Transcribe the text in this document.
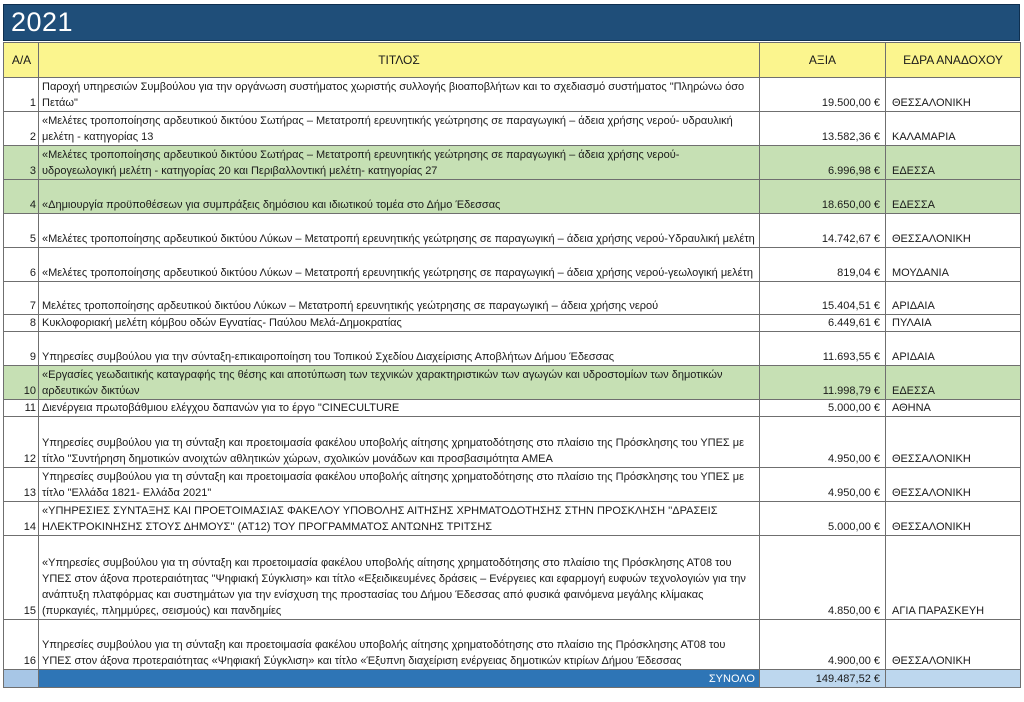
2021
Α/Α	ΤΙΤΛΟΣ	ΑΞΙΑ	ΕΔΡΑ ΑΝΑΔΟΧΟΥ
1	Παροχή υπηρεσιών Συμβούλου για την οργάνωση συστήματος χωριστής συλλογής βιοαποβλήτων και το σχεδιασμό συστήματος "Πληρώνω όσο Πετάω"	19.500,00 €	ΘΕΣΣΑΛΟΝΙΚΗ
2	«Μελέτες τροποποίησης αρδευτικού δικτύου Σωτήρας – Μετατροπή ερευνητικής γεώτρησης σε παραγωγική – άδεια χρήσης νερού- υδραυλική μελέτη - κατηγορίας 13	13.582,36 €	ΚΑΛΑΜΑΡΙΑ
3	«Μελέτες τροποποίησης αρδευτικού δικτύου Σωτήρας – Μετατροπή ερευνητικής γεώτρησης σε παραγωγική – άδεια χρήσης νερού- υδρογεωλογική μελέτη - κατηγορίας 20 και Περιβαλλοντική μελέτη- κατηγορίας 27	6.996,98 €	ΕΔΕΣΣΑ
4	«Δημιουργία προϋποθέσεων για συμπράξεις δημόσιου και ιδιωτικού τομέα στο Δήμο Έδεσσας	18.650,00 €	ΕΔΕΣΣΑ
5	«Μελέτες τροποποίησης αρδευτικού δικτύου Λύκων – Μετατροπή ερευνητικής γεώτρησης σε παραγωγική – άδεια χρήσης νερού-Υδραυλική μελέτη	14.742,67 €	ΘΕΣΣΑΛΟΝΙΚΗ
6	«Μελέτες τροποποίησης αρδευτικού δικτύου Λύκων – Μετατροπή ερευνητικής γεώτρησης σε παραγωγική – άδεια χρήσης νερού-γεωλογική μελέτη	819,04 €	ΜΟΥΔΑΝΙΑ
7	Μελέτες τροποποίησης αρδευτικού δικτύου Λύκων – Μετατροπή ερευνητικής γεώτρησης σε παραγωγική – άδεια χρήσης νερού	15.404,51 €	ΑΡΙΔΑΙΑ
8	Κυκλοφοριακή μελέτη κόμβου οδών Εγνατίας- Παύλου Μελά-Δημοκρατίας	6.449,61 €	ΠΥΛΑΙΑ
9	Υπηρεσίες συμβούλου για την σύνταξη-επικαιροποίηση του Τοπικού Σχεδίου Διαχείρισης Αποβλήτων Δήμου Έδεσσας	11.693,55 €	ΑΡΙΔΑΙΑ
10	«Εργασίες γεωδαιτικής καταγραφής της θέσης και αποτύπωση των τεχνικών χαρακτηριστικών των αγωγών και υδροστομίων των δημοτικών αρδευτικών δικτύων	11.998,79 €	ΕΔΕΣΣΑ
11	Διενέργεια πρωτοβάθμιου ελέγχου δαπανών για το έργο "CINECULTURE	5.000,00 €	ΑΘΗΝΑ
12	Υπηρεσίες συμβούλου για τη σύνταξη και προετοιμασία φακέλου υποβολής αίτησης χρηματοδότησης στο πλαίσιο της Πρόσκλησης του ΥΠΕΣ με τίτλο "Συντήρηση δημοτικών ανοιχτών αθλητικών χώρων, σχολικών μονάδων και προσβασιμότητα ΑΜΕΑ	4.950,00 €	ΘΕΣΣΑΛΟΝΙΚΗ
13	Υπηρεσίες συμβούλου για τη σύνταξη και προετοιμασία φακέλου υποβολής αίτησης χρηματοδότησης στο πλαίσιο της Πρόσκλησης του ΥΠΕΣ με τίτλο "Ελλάδα 1821- Ελλάδα 2021"	4.950,00 €	ΘΕΣΣΑΛΟΝΙΚΗ
14	«ΥΠΗΡΕΣΙΕΣ ΣΥΝΤΑΞΗΣ ΚΑΙ ΠΡΟΕΤΟΙΜΑΣΙΑΣ ΦΑΚΕΛΟΥ ΥΠΟΒΟΛΗΣ ΑΙΤΗΣΗΣ ΧΡΗΜΑΤΟΔΟΤΗΣΗΣ ΣΤΗΝ ΠΡΟΣΚΛΗΣΗ ''ΔΡΑΣΕΙΣ ΗΛΕΚΤΡΟΚΙΝΗΣΗΣ ΣΤΟΥΣ ΔΗΜΟΥΣ'' (ΑΤ12) ΤΟΥ ΠΡΟΓΡΑΜΜΑΤΟΣ ΑΝΤΩΝΗΣ ΤΡΙΤΣΗΣ	5.000,00 €	ΘΕΣΣΑΛΟΝΙΚΗ
15	«Υπηρεσίες συμβούλου για τη σύνταξη και προετοιμασία φακέλου υποβολής αίτησης χρηματοδότησης στο πλαίσιο της Πρόσκλησης ΑΤ08 του ΥΠΕΣ στον άξονα προτεραιότητας "Ψηφιακή Σύγκλιση» και τίτλο «Εξειδικευμένες δράσεις – Ενέργειες και εφαρμογή ευφυών τεχνολογιών για την ανάπτυξη πλατφόρμας και συστημάτων για την ενίσχυση της προστασίας του Δήμου Έδεσσας από φυσικά φαινόμενα μεγάλης κλίμακας (πυρκαγιές, πλημμύρες, σεισμούς) και πανδημίες	4.850,00 €	ΑΓΙΑ ΠΑΡΑΣΚΕΥΗ
16	Υπηρεσίες συμβούλου για τη σύνταξη και προετοιμασία φακέλου υποβολής αίτησης χρηματοδότησης στο πλαίσιο της Πρόσκλησης ΑΤ08 του ΥΠΕΣ στον άξονα προτεραιότητας «Ψηφιακή Σύγκλιση» και τίτλο «Έξυπνη διαχείριση ενέργειας δημοτικών κτιρίων Δήμου Έδεσσας	4.900,00 €	ΘΕΣΣΑΛΟΝΙΚΗ
	ΣΥΝΟΛΟ	149.487,52 €	
